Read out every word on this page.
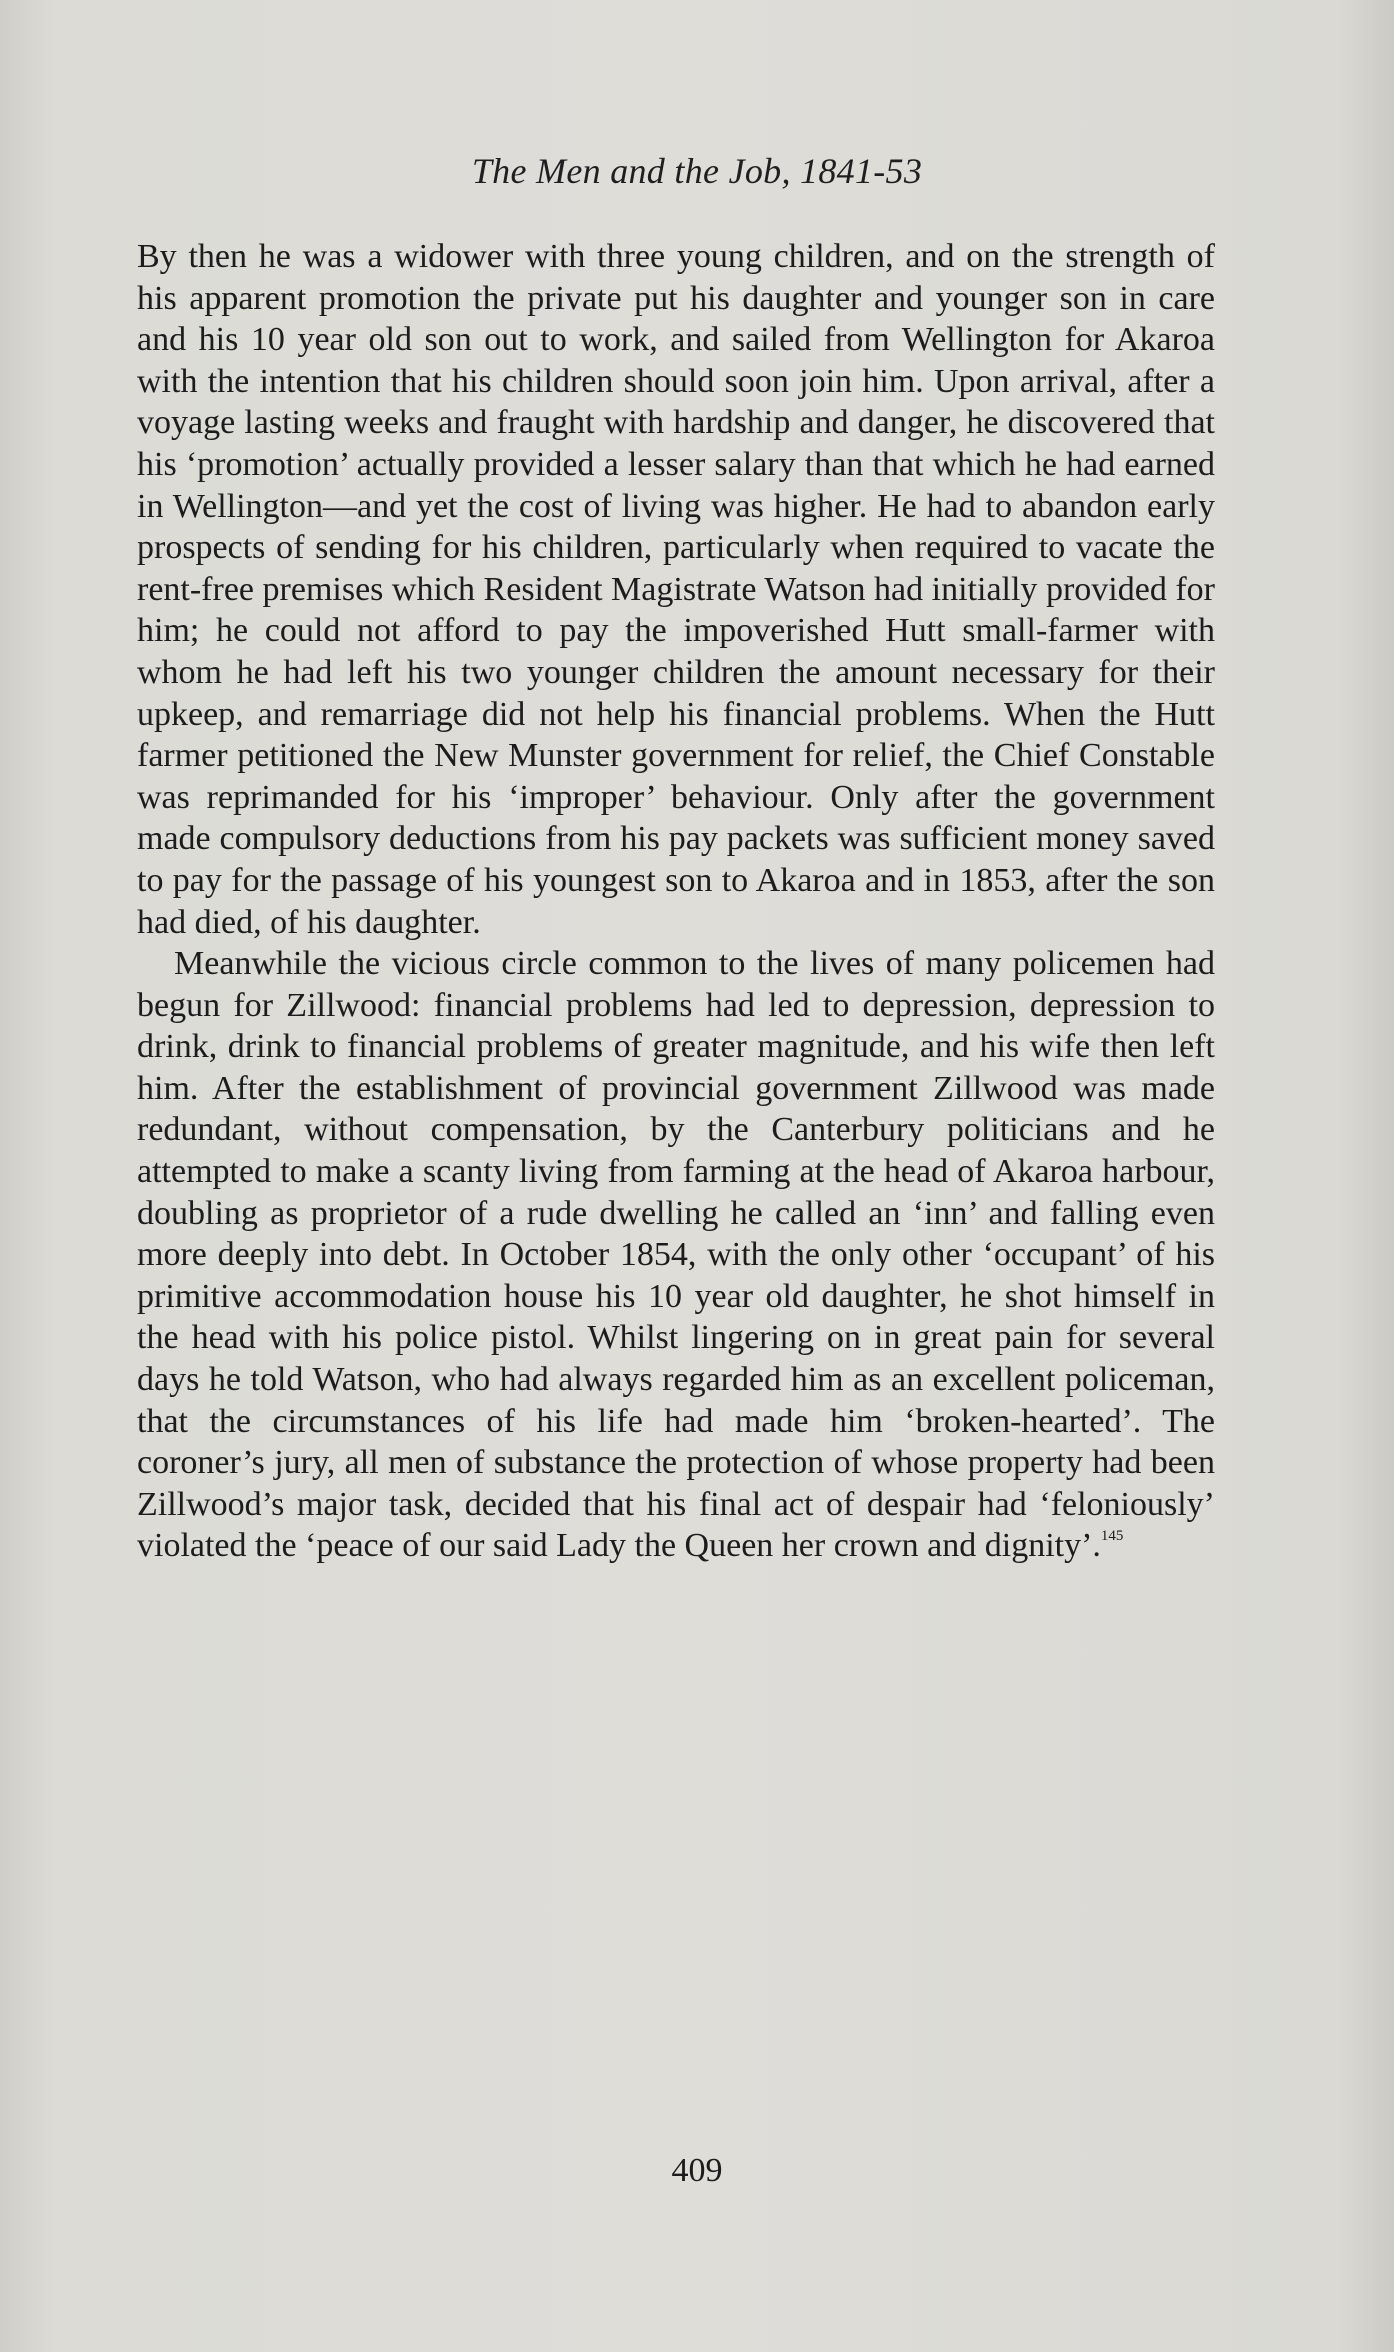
The Men and the Job, 1841-53

By then he was a widower with three young children, and on the strength of his apparent promotion the private put his daughter and younger son in care and his 10 year old son out to work, and sailed from Wellington for Akaroa with the intention that his children should soon join him. Upon arrival, after a voyage lasting weeks and fraught with hardship and danger, he discovered that his ‘promotion’ actually provided a lesser salary than that which he had earned in Wellington—and yet the cost of living was higher. He had to abandon early prospects of sending for his children, particularly when required to vacate the rent-free premises which Resident Magistrate Watson had initially provided for him; he could not afford to pay the impoverished Hutt small-farmer with whom he had left his two younger children the amount necessary for their upkeep, and remarriage did not help his financial problems. When the Hutt farmer petitioned the New Munster government for relief, the Chief Constable was reprimanded for his ‘improper’ behaviour. Only after the government made compulsory deductions from his pay packets was sufficient money saved to pay for the passage of his youngest son to Akaroa and in 1853, after the son had died, of his daughter.

Meanwhile the vicious circle common to the lives of many policemen had begun for Zillwood: financial problems had led to depression, depression to drink, drink to financial problems of greater magnitude, and his wife then left him. After the establishment of provincial government Zillwood was made redundant, without compensation, by the Canterbury politicians and he attempted to make a scanty living from farming at the head of Akaroa harbour, doubling as proprietor of a rude dwelling he called an ‘inn’ and falling even more deeply into debt. In October 1854, with the only other ‘occupant’ of his primitive accommodation house his 10 year old daughter, he shot himself in the head with his police pistol. Whilst lingering on in great pain for several days he told Watson, who had always regarded him as an excellent policeman, that the circumstances of his life had made him ‘broken-hearted’. The coroner’s jury, all men of substance the protection of whose property had been Zillwood’s major task, decided that his final act of despair had ‘feloniously’ violated the ‘peace of our said Lady the Queen her crown and dignity’.$^{145}$

409
